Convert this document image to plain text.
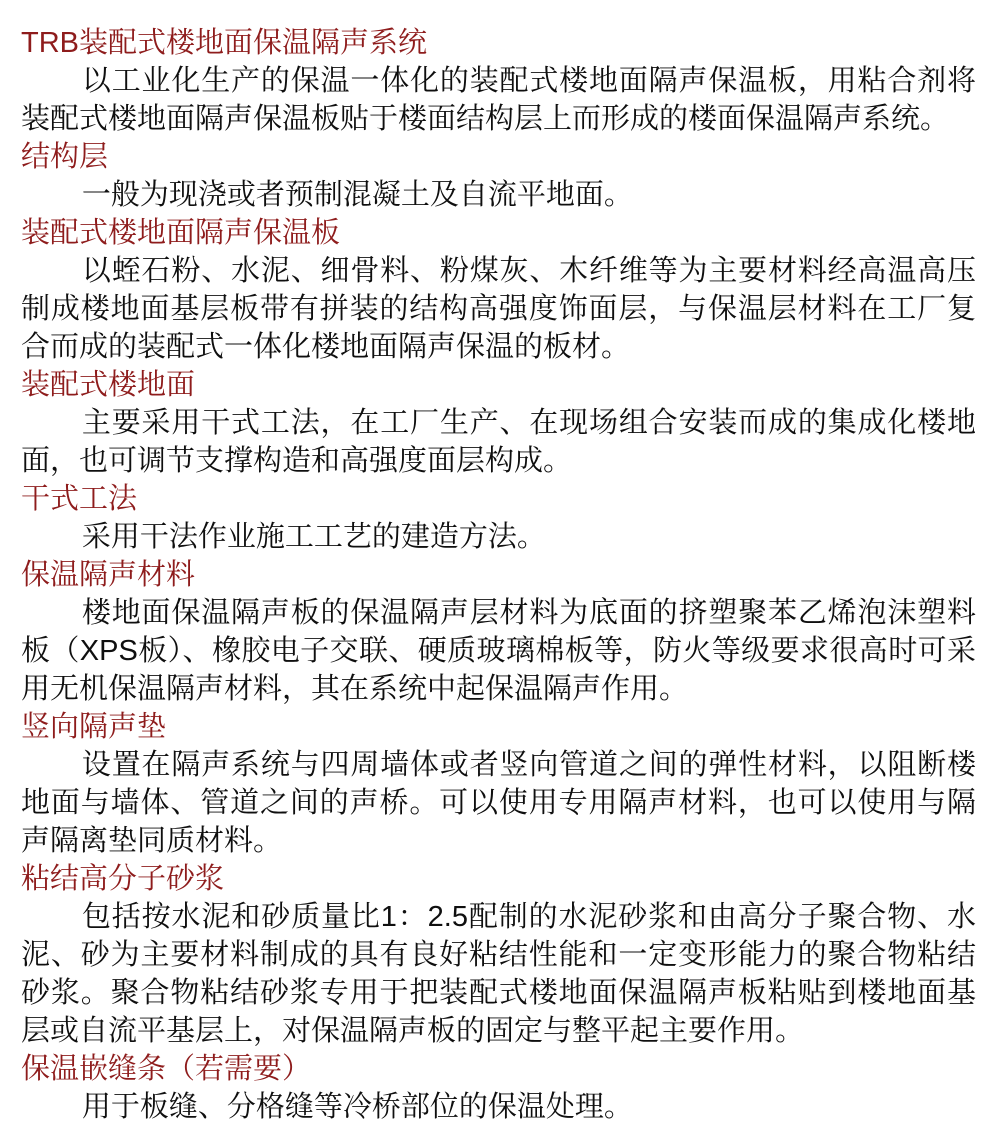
TRB装配式楼地面保温隔声系统

以工业化生产的保温一体化的装配式楼地面隔声保温板，用粘合剂将装配式楼地面隔声保温板贴于楼面结构层上而形成的楼面保温隔声系统。

结构层

一般为现浇或者预制混凝土及自流平地面。

装配式楼地面隔声保温板

以蛭石粉、水泥、细骨料、粉煤灰、木纤维等为主要材料经高温高压制成楼地面基层板带有拼装的结构高强度饰面层，与保温层材料在工厂复合而成的装配式一体化楼地面隔声保温的板材。

装配式楼地面

主要采用干式工法，在工厂生产、在现场组合安装而成的集成化楼地面，也可调节支撑构造和高强度面层构成。

干式工法

采用干法作业施工工艺的建造方法。

保温隔声材料

楼地面保温隔声板的保温隔声层材料为底面的挤塑聚苯乙烯泡沫塑料板（XPS板）、橡胶电子交联、硬质玻璃棉板等，防火等级要求很高时可采用无机保温隔声材料，其在系统中起保温隔声作用。

竖向隔声垫

设置在隔声系统与四周墙体或者竖向管道之间的弹性材料，以阻断楼地面与墙体、管道之间的声桥。可以使用专用隔声材料，也可以使用与隔声隔离垫同质材料。

粘结高分子砂浆

包括按水泥和砂质量比1：2.5配制的水泥砂浆和由高分子聚合物、水泥、砂为主要材料制成的具有良好粘结性能和一定变形能力的聚合物粘结砂浆。聚合物粘结砂浆专用于把装配式楼地面保温隔声板粘贴到楼地面基层或自流平基层上，对保温隔声板的固定与整平起主要作用。

保温嵌缝条（若需要）

用于板缝、分格缝等冷桥部位的保温处理。
